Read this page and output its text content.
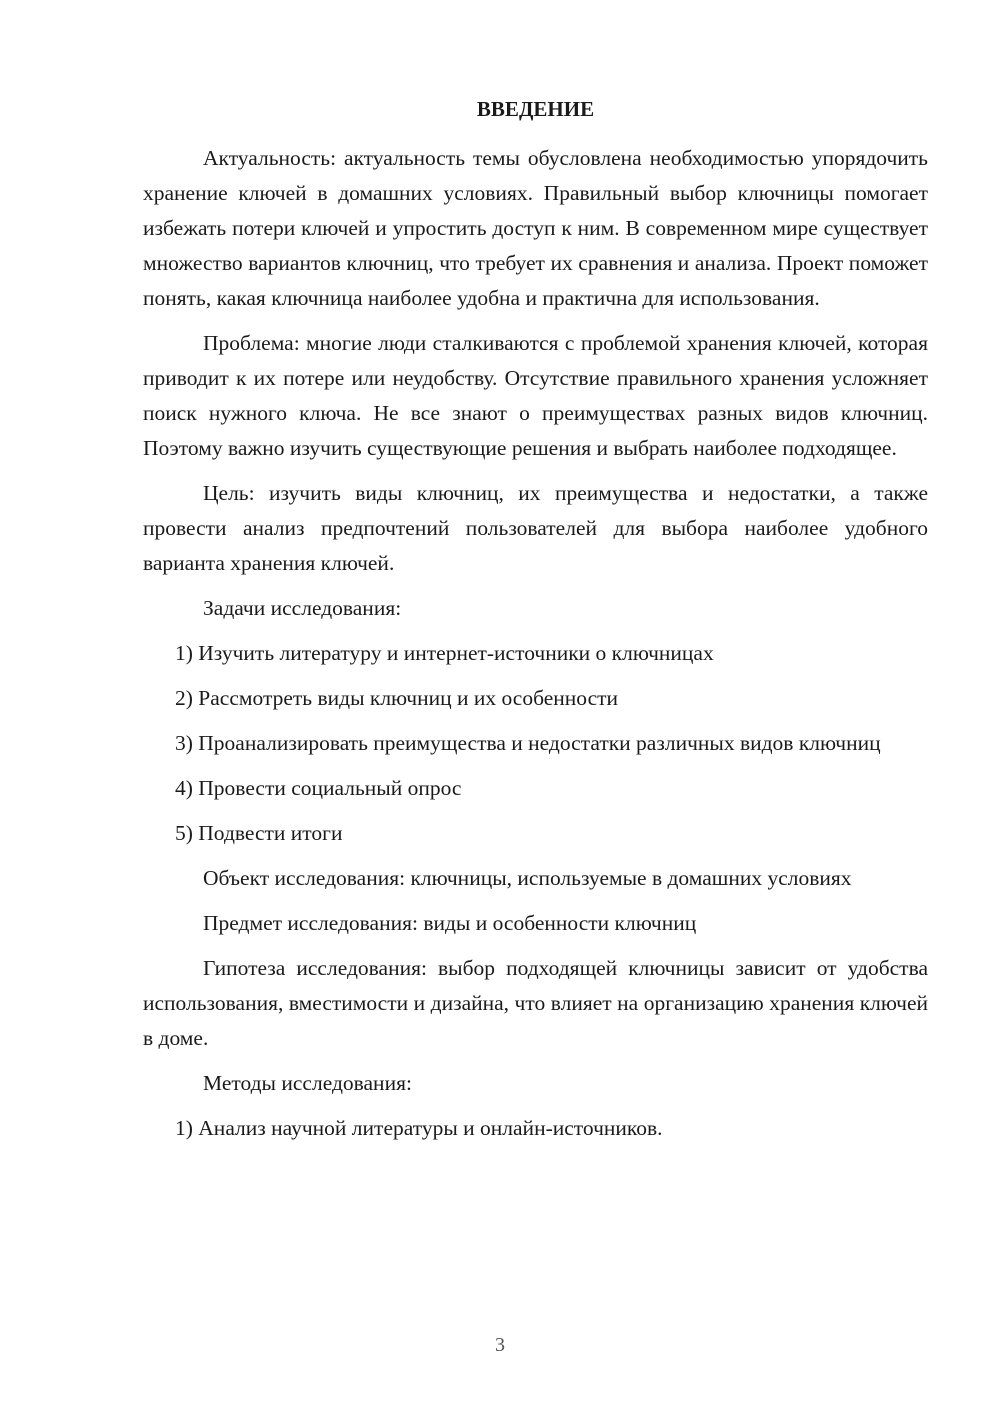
ВВЕДЕНИЕ

Актуальность: актуальность темы обусловлена необходимостью упорядочить хранение ключей в домашних условиях. Правильный выбор ключницы помогает избежать потери ключей и упростить доступ к ним. В современном мире существует множество вариантов ключниц, что требует их сравнения и анализа. Проект поможет понять, какая ключница наиболее удобна и практична для использования.

Проблема: многие люди сталкиваются с проблемой хранения ключей, которая приводит к их потере или неудобству. Отсутствие правильного хранения усложняет поиск нужного ключа. Не все знают о преимуществах разных видов ключниц. Поэтому важно изучить существующие решения и выбрать наиболее подходящее.

Цель: изучить виды ключниц, их преимущества и недостатки, а также провести анализ предпочтений пользователей для выбора наиболее удобного варианта хранения ключей.

Задачи исследования:

1) Изучить литературу и интернет-источники о ключницах

2) Рассмотреть виды ключниц и их особенности

3) Проанализировать преимущества и недостатки различных видов ключниц

4) Провести социальный опрос

5) Подвести итоги

Объект исследования: ключницы, используемые в домашних условиях

Предмет исследования: виды и особенности ключниц

Гипотеза исследования: выбор подходящей ключницы зависит от удобства использования, вместимости и дизайна, что влияет на организацию хранения ключей в доме.

Методы исследования:

1) Анализ научной литературы и онлайн-источников.

3
